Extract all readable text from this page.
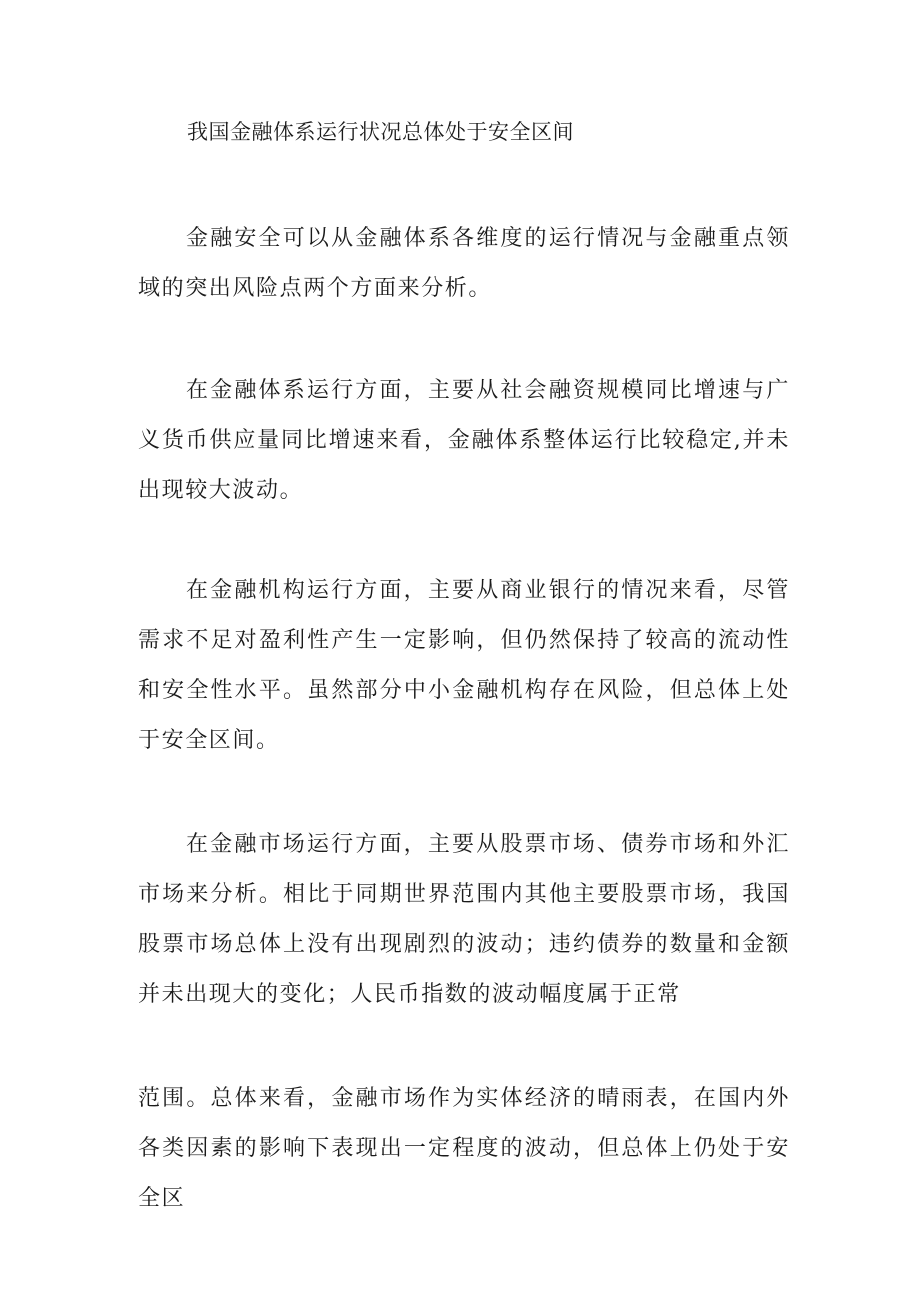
我国金融体系运行状况总体处于安全区间

金融安全可以从金融体系各维度的运行情况与金融重点领域的突出风险点两个方面来分析。

在金融体系运行方面，主要从社会融资规模同比增速与广义货币供应量同比增速来看，金融体系整体运行比较稳定,并未出现较大波动。

在金融机构运行方面，主要从商业银行的情况来看，尽管需求不足对盈利性产生一定影响，但仍然保持了较高的流动性和安全性水平。虽然部分中小金融机构存在风险，但总体上处于安全区间。

在金融市场运行方面，主要从股票市场、债券市场和外汇市场来分析。相比于同期世界范围内其他主要股票市场，我国股票市场总体上没有出现剧烈的波动；违约债券的数量和金额并未出现大的变化；人民币指数的波动幅度属于正常

范围。总体来看，金融市场作为实体经济的晴雨表，在国内外各类因素的影响下表现出一定程度的波动，但总体上仍处于安全区
